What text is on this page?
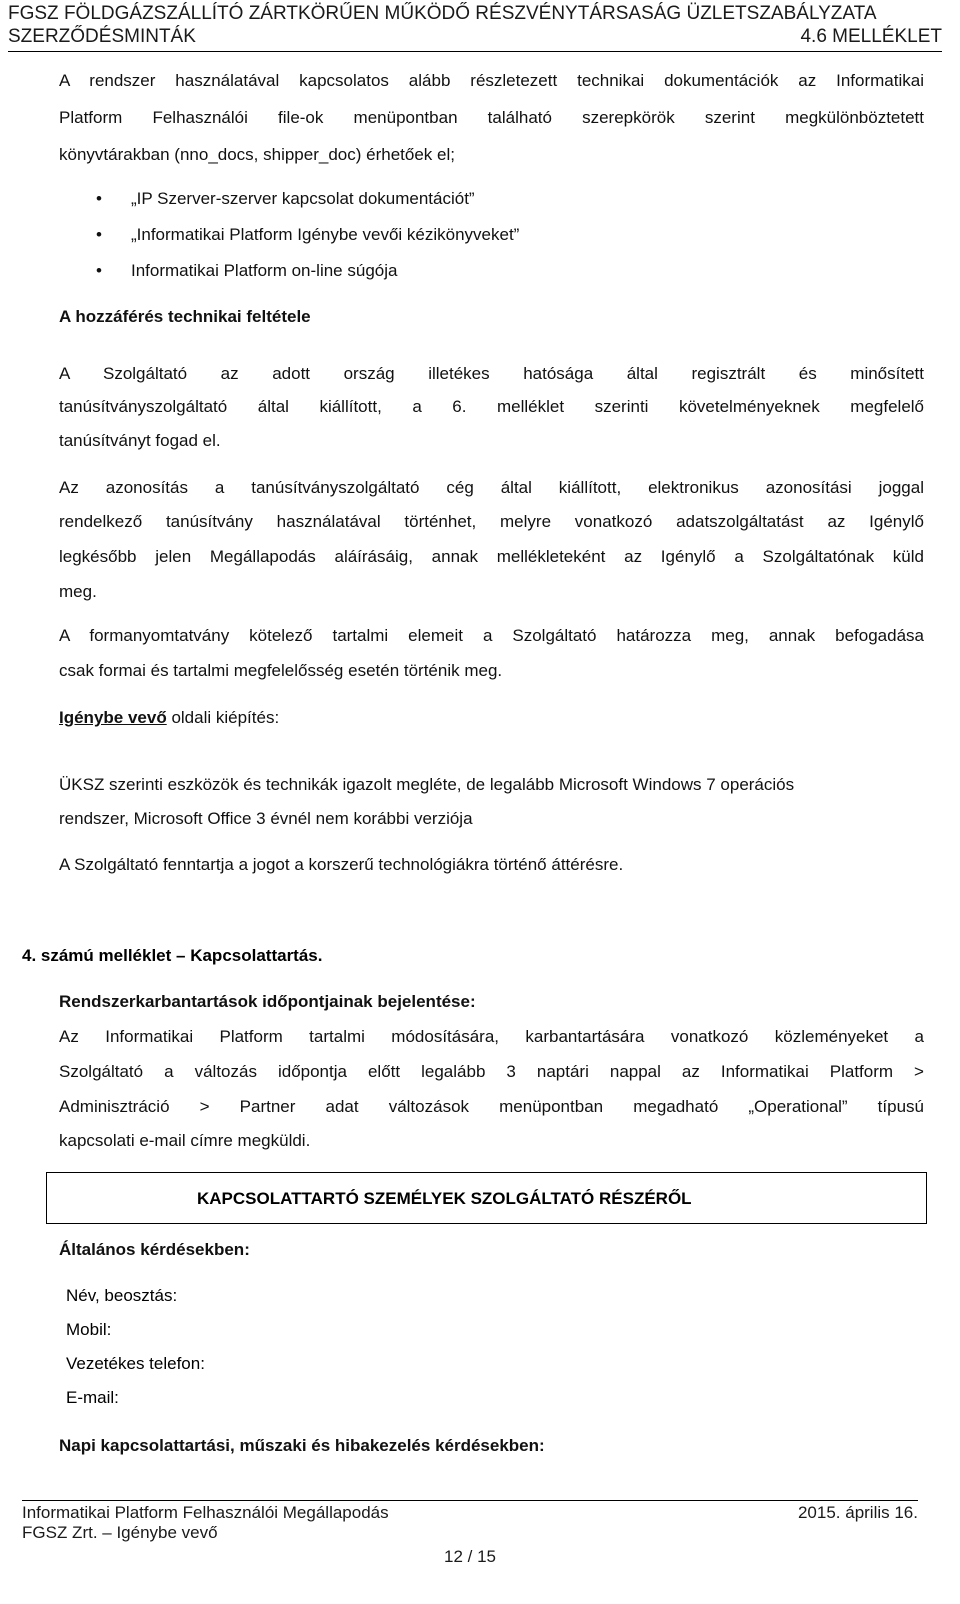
FGSZ FÖLDGÁZSZÁLLÍTÓ ZÁRTKÖRŰEN MŰKÖDŐ RÉSZVÉNYTÁRSASÁG ÜZLETSZABÁLYZATA
SZERZŐDÉSMINTÁK	4.6 MELLÉKLET
A rendszer használatával kapcsolatos alább részletezett technikai dokumentációk az Informatikai
Platform Felhasználói file-ok menüpontban található szerepkörök szerint megkülönböztetett
könyvtárakban (nno_docs, shipper_doc) érhetőek el;
• „IP Szerver-szerver kapcsolat dokumentációt”
• „Informatikai Platform Igénybe vevői kézikönyveket”
• Informatikai Platform on-line súgója
A hozzáférés technikai feltétele
A Szolgáltató az adott ország illetékes hatósága által regisztrált és minősített
tanúsítványszolgáltató által kiállított, a 6. melléklet szerinti követelményeknek megfelelő
tanúsítványt fogad el.
Az azonosítás a tanúsítványszolgáltató cég által kiállított, elektronikus azonosítási joggal
rendelkező tanúsítvány használatával történhet, melyre vonatkozó adatszolgáltatást az Igénylő
legkésőbb jelen Megállapodás aláírásáig, annak mellékleteként az Igénylő a Szolgáltatónak küld
meg.
A formanyomtatvány kötelező tartalmi elemeit a Szolgáltató határozza meg, annak befogadása
csak formai és tartalmi megfelelősség esetén történik meg.
Igénybe vevő oldali kiépítés:
ÜKSZ szerinti eszközök és technikák igazolt megléte, de legalább Microsoft Windows 7 operációs
rendszer, Microsoft Office 3 évnél nem korábbi verziója
A Szolgáltató fenntartja a jogot a korszerű technológiákra történő áttérésre.
4. számú melléklet – Kapcsolattartás.
Rendszerkarbantartások időpontjainak bejelentése:
Az Informatikai Platform tartalmi módosítására, karbantartására vonatkozó közleményeket a
Szolgáltató a változás időpontja előtt legalább 3 naptári nappal az Informatikai Platform >
Adminisztráció > Partner adat változások menüpontban megadható „Operational” típusú
kapcsolati e-mail címre megküldi.
KAPCSOLATTARTÓ SZEMÉLYEK SZOLGÁLTATÓ RÉSZÉRŐL
Általános kérdésekben:
Név, beosztás:
Mobil:
Vezetékes telefon:
E-mail:
Napi kapcsolattartási, műszaki és hibakezelés kérdésekben:
Informatikai Platform Felhasználói Megállapodás	2015. április 16.
FGSZ Zrt. – Igénybe vevő
12 / 15
